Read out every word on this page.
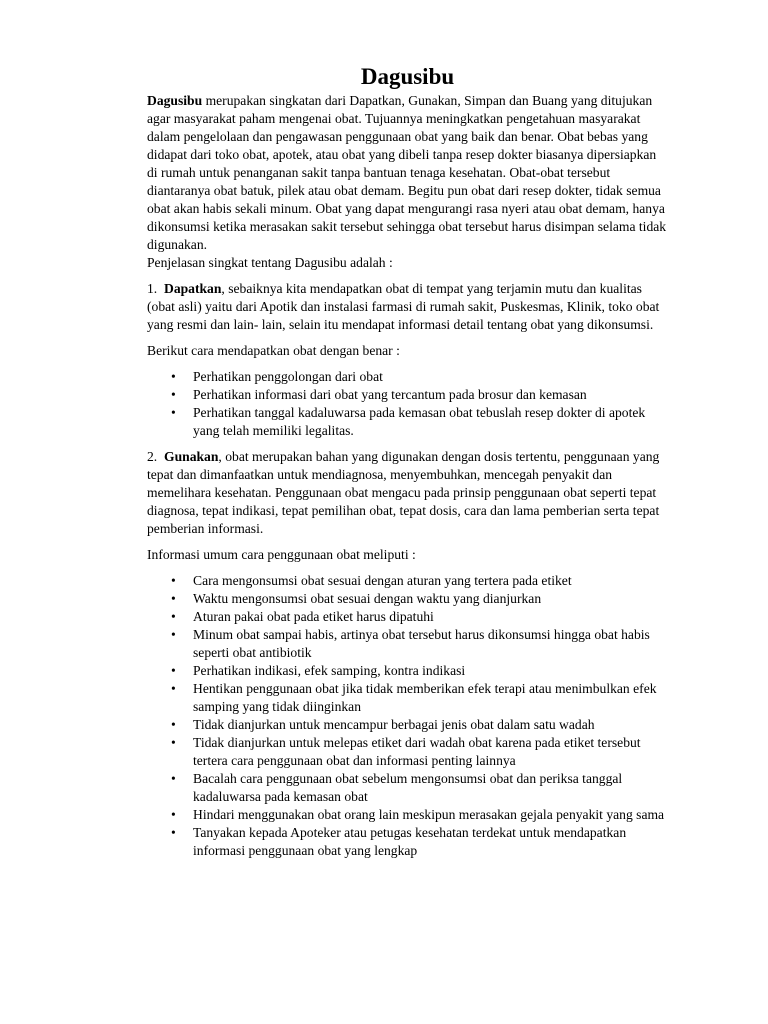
Dagusibu

Dagusibu merupakan singkatan dari Dapatkan, Gunakan, Simpan dan Buang yang ditujukan agar masyarakat paham mengenai obat. Tujuannya meningkatkan pengetahuan masyarakat dalam pengelolaan dan pengawasan penggunaan obat yang baik dan benar. Obat bebas yang didapat dari toko obat, apotek, atau obat yang dibeli tanpa resep dokter biasanya dipersiapkan di rumah untuk penanganan sakit tanpa bantuan tenaga kesehatan. Obat-obat tersebut diantaranya obat batuk, pilek atau obat demam. Begitu pun obat dari resep dokter, tidak semua obat akan habis sekali minum. Obat yang dapat mengurangi rasa nyeri atau obat demam, hanya dikonsumsi ketika merasakan sakit tersebut sehingga obat tersebut harus disimpan selama tidak digunakan.

Penjelasan singkat tentang Dagusibu adalah :

1.  Dapatkan, sebaiknya kita mendapatkan obat di tempat yang terjamin mutu dan kualitas (obat asli) yaitu dari Apotik dan instalasi farmasi di rumah sakit, Puskesmas, Klinik, toko obat yang resmi dan lain- lain, selain itu mendapat informasi detail tentang obat yang dikonsumsi.

Berikut cara mendapatkan obat dengan benar :

• Perhatikan penggolongan dari obat
• Perhatikan informasi dari obat yang tercantum pada brosur dan kemasan
• Perhatikan tanggal kadaluwarsa pada kemasan obat tebuslah resep dokter di apotek yang telah memiliki legalitas.

2.  Gunakan, obat merupakan bahan yang digunakan dengan dosis tertentu, penggunaan yang tepat dan dimanfaatkan untuk mendiagnosa, menyembuhkan, mencegah penyakit dan memelihara kesehatan. Penggunaan obat mengacu pada prinsip penggunaan obat seperti tepat diagnosa, tepat indikasi, tepat pemilihan obat, tepat dosis, cara dan lama pemberian serta tepat pemberian informasi.

Informasi umum cara penggunaan obat meliputi :

• Cara mengonsumsi obat sesuai dengan aturan yang tertera pada etiket
• Waktu mengonsumsi obat sesuai dengan waktu yang dianjurkan
• Aturan pakai obat pada etiket harus dipatuhi
• Minum obat sampai habis, artinya obat tersebut harus dikonsumsi hingga obat habis seperti obat antibiotik
• Perhatikan indikasi, efek samping, kontra indikasi
• Hentikan penggunaan obat jika tidak memberikan efek terapi atau menimbulkan efek samping yang tidak diinginkan
• Tidak dianjurkan untuk mencampur berbagai jenis obat dalam satu wadah
• Tidak dianjurkan untuk melepas etiket dari wadah obat karena pada etiket tersebut tertera cara penggunaan obat dan informasi penting lainnya
• Bacalah cara penggunaan obat sebelum mengonsumsi obat dan periksa tanggal kadaluwarsa pada kemasan obat
• Hindari menggunakan obat orang lain meskipun merasakan gejala penyakit yang sama
• Tanyakan kepada Apoteker atau petugas kesehatan terdekat untuk mendapatkan informasi penggunaan obat yang lengkap
